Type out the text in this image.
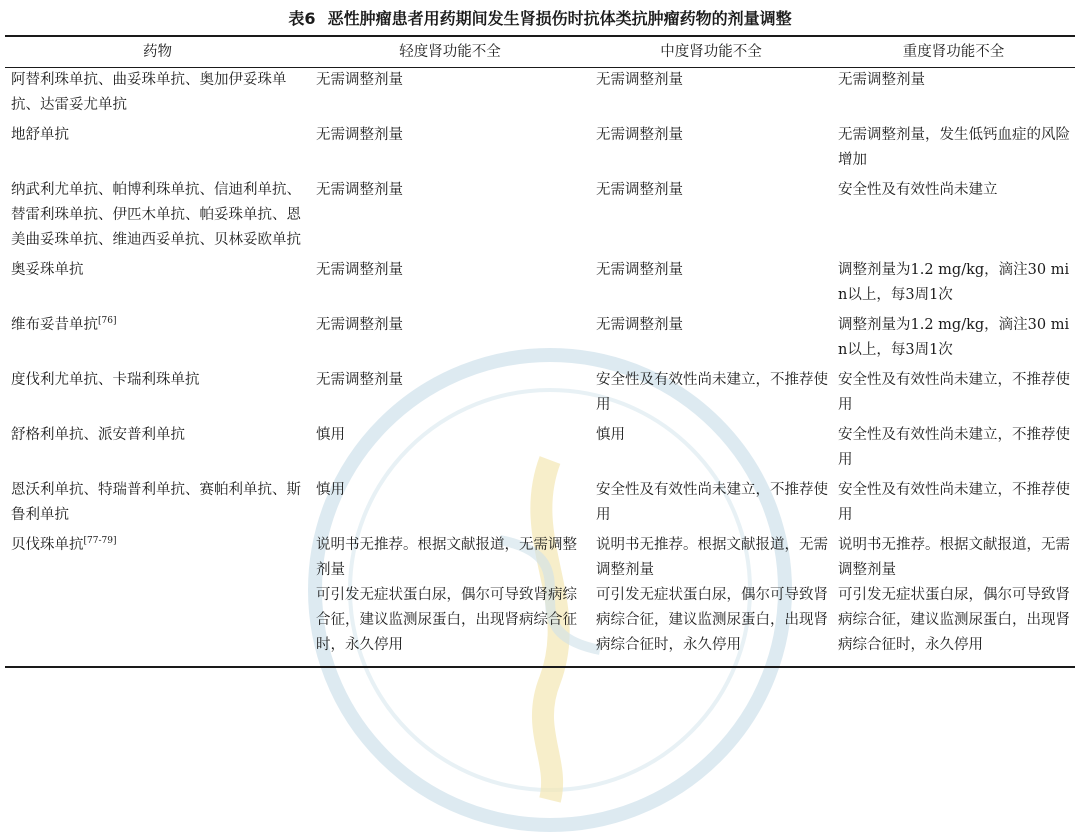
表6 恶性肿瘤患者用药期间发生肾损伤时抗体类抗肿瘤药物的剂量调整
药物	轻度肾功能不全	中度肾功能不全	重度肾功能不全
阿替利珠单抗、曲妥珠单抗、奥加伊妥珠单抗、达雷妥尤单抗	无需调整剂量	无需调整剂量	无需调整剂量
地舒单抗	无需调整剂量	无需调整剂量	无需调整剂量，发生低钙血症的风险增加
纳武利尤单抗、帕博利珠单抗、信迪利单抗、替雷利珠单抗、伊匹木单抗、帕妥珠单抗、恩美曲妥珠单抗、维迪西妥单抗、贝林妥欧单抗	无需调整剂量	无需调整剂量	安全性及有效性尚未建立
奥妥珠单抗	无需调整剂量	无需调整剂量	调整剂量为1.2 mg/kg，滴注30 min以上，每3周1次
维布妥昔单抗[76]	无需调整剂量	无需调整剂量	调整剂量为1.2 mg/kg，滴注30 min以上，每3周1次
度伐利尤单抗、卡瑞利珠单抗	无需调整剂量	安全性及有效性尚未建立，不推荐使用	安全性及有效性尚未建立，不推荐使用
舒格利单抗、派安普利单抗	慎用	慎用	安全性及有效性尚未建立，不推荐使用
恩沃利单抗、特瑞普利单抗、赛帕利单抗、斯鲁利单抗	慎用	安全性及有效性尚未建立，不推荐使用	安全性及有效性尚未建立，不推荐使用
贝伐珠单抗[77-79]	说明书无推荐。根据文献报道，无需调整剂量
可引发无症状蛋白尿，偶尔可导致肾病综合征，建议监测尿蛋白，出现肾病综合征时，永久停用	说明书无推荐。根据文献报道，无需调整剂量
可引发无症状蛋白尿，偶尔可导致肾病综合征，建议监测尿蛋白，出现肾病综合征时，永久停用	说明书无推荐。根据文献报道，无需调整剂量
可引发无症状蛋白尿，偶尔可导致肾病综合征，建议监测尿蛋白，出现肾病综合征时，永久停用
